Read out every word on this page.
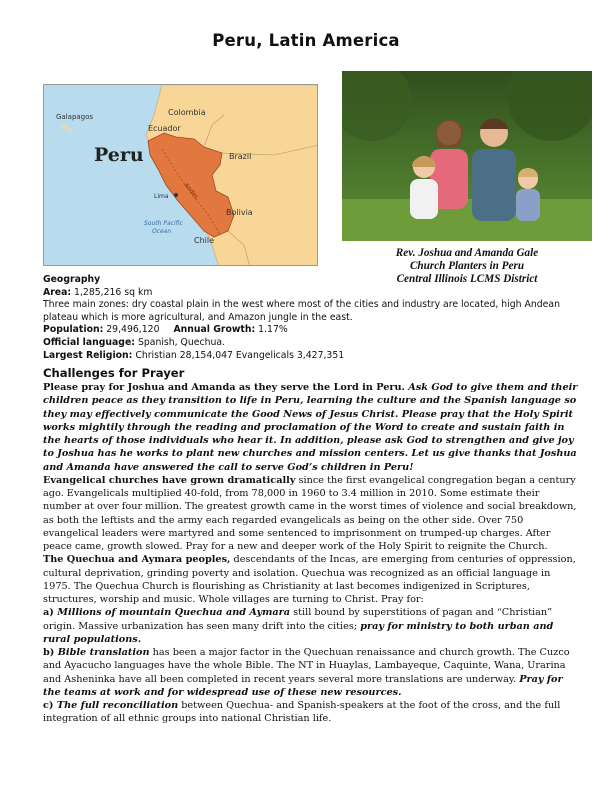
Peru, Latin America
Galapagos
Ecuador
Colombia
Peru	Brazil
Lima Andes
Bolivia
South Pacific
Ocean
Chile
Rev. Joshua and Amanda Gale
Church Planters in Peru
Central Illinois LCMS District
Geography
Area: 1,285,216 sq km
Three main zones: dry coastal plain in the west where most of the cities and industry are located, high Andean plateau which is more agricultural, and Amazon jungle in the east.
Population: 29,496,120 Annual Growth: 1.17%
Official language: Spanish, Quechua.
Largest Religion: Christian 28,154,047 Evangelicals 3,427,351
Challenges for Prayer

Please pray for Joshua and Amanda as they serve the Lord in Peru. Ask God to give them and their children peace as they transition to life in Peru, learning the culture and the Spanish language so they may effectively communicate the Good News of Jesus Christ. Please pray that the Holy Spirit works mightily through the reading and proclamation of the Word to create and sustain faith in the hearts of those individuals who hear it. In addition, please ask God to strengthen and give joy to Joshua has he works to plant new churches and mission centers. Let us give thanks that Joshua and Amanda have answered the call to serve God’s children in Peru!

Evangelical churches have grown dramatically since the first evangelical congregation began a century ago. Evangelicals multiplied 40-fold, from 78,000 in 1960 to 3.4 million in 2010. Some estimate their number at over four million. The greatest growth came in the worst times of violence and social breakdown, as both the leftists and the army each regarded evangelicals as being on the other side. Over 750 evangelical leaders were martyred and some sentenced to imprisonment on trumped-up charges. After peace came, growth slowed. Pray for a new and deeper work of the Holy Spirit to reignite the Church.

The Quechua and Aymara peoples, descendants of the Incas, are emerging from centuries of oppression, cultural deprivation, grinding poverty and isolation. Quechua was recognized as an official language in 1975. The Quechua Church is flourishing as Christianity at last becomes indigenized in Scriptures, structures, worship and music. Whole villages are turning to Christ. Pray for:

a) Millions of mountain Quechua and Aymara still bound by superstitions of pagan and “Christian” origin. Massive urbanization has seen many drift into the cities; pray for ministry to both urban and rural populations.

b) Bible translation has been a major factor in the Quechuan renaissance and church growth. The Cuzco and Ayacucho languages have the whole Bible. The NT in Huaylas, Lambayeque, Caquinte, Wana, Urarina and Asheninka have all been completed in recent years several more translations are underway. Pray for the teams at work and for widespread use of these new resources.

c) The full reconciliation between Quechua- and Spanish-speakers at the foot of the cross, and the full integration of all ethnic groups into national Christian life.
